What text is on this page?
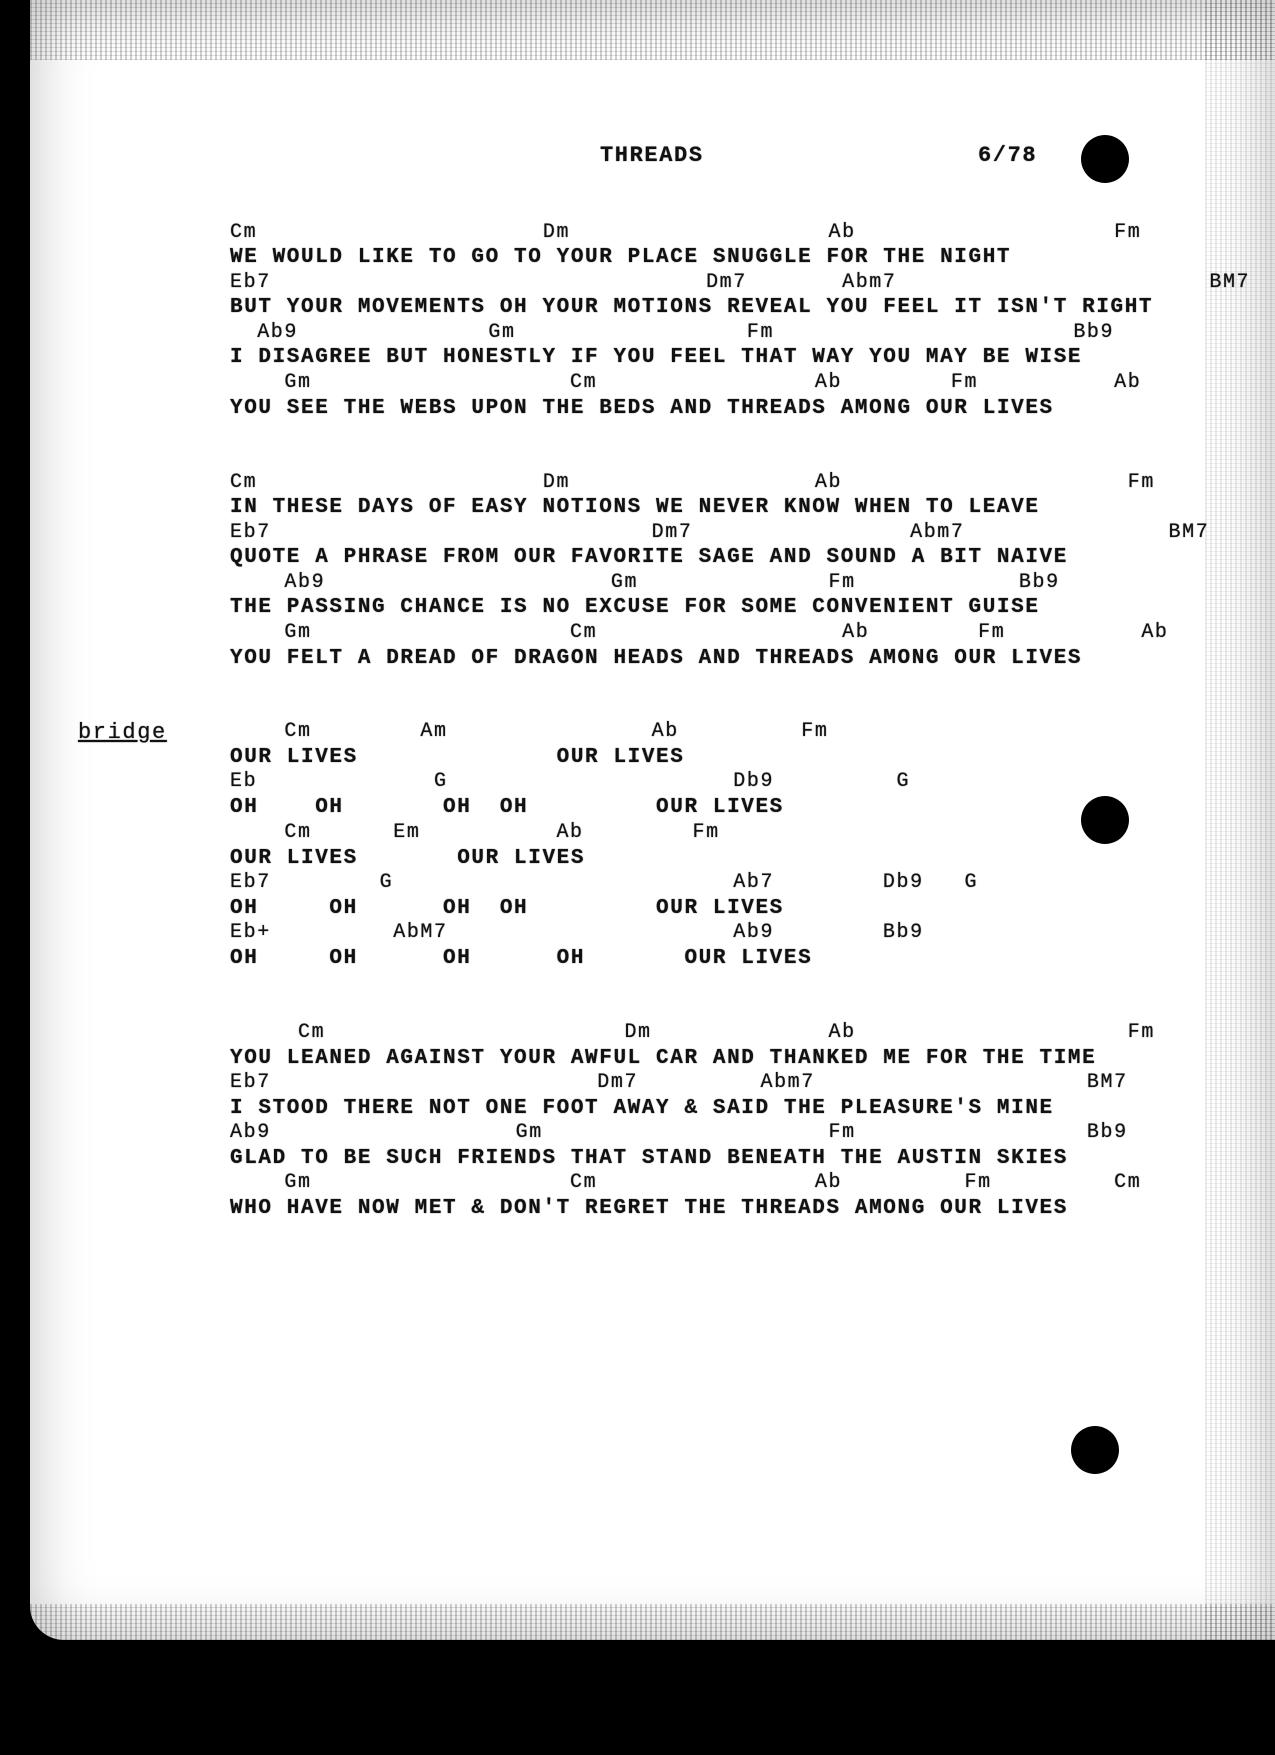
THREADS	6/78

bridge

Cm                     Dm                   Ab                   Fm

WE WOULD LIKE TO GO TO YOUR PLACE SNUGGLE FOR THE NIGHT

Eb7                                Dm7       Abm7                       BM7

BUT YOUR MOVEMENTS OH YOUR MOTIONS REVEAL YOU FEEL IT ISN'T RIGHT

Ab9              Gm                 Fm                      Bb9

I DISAGREE BUT HONESTLY IF YOU FEEL THAT WAY YOU MAY BE WISE

Gm                   Cm                Ab        Fm          Ab

YOU SEE THE WEBS UPON THE BEDS AND THREADS AMONG OUR LIVES

Cm                     Dm                  Ab                     Fm

IN THESE DAYS OF EASY NOTIONS WE NEVER KNOW WHEN TO LEAVE

Eb7                            Dm7                Abm7               BM7

QUOTE A PHRASE FROM OUR FAVORITE SAGE AND SOUND A BIT NAIVE

Ab9                     Gm              Fm            Bb9

THE PASSING CHANCE IS NO EXCUSE FOR SOME CONVENIENT GUISE

Gm                   Cm                  Ab        Fm          Ab

YOU FELT A DREAD OF DRAGON HEADS AND THREADS AMONG OUR LIVES

Cm        Am               Ab         Fm

OUR LIVES              OUR LIVES

Eb             G                     Db9         G

OH    OH       OH  OH         OUR LIVES

Cm      Em          Ab        Fm

OUR LIVES       OUR LIVES

Eb7        G                         Ab7        Db9   G

OH     OH      OH  OH         OUR LIVES

Eb+         AbM7                     Ab9        Bb9

OH     OH      OH      OH       OUR LIVES

Cm                      Dm             Ab                    Fm

YOU LEANED AGAINST YOUR AWFUL CAR AND THANKED ME FOR THE TIME

Eb7                        Dm7         Abm7                    BM7

I STOOD THERE NOT ONE FOOT AWAY & SAID THE PLEASURE'S MINE

Ab9                  Gm                     Fm                 Bb9

GLAD TO BE SUCH FRIENDS THAT STAND BENEATH THE AUSTIN SKIES

Gm                   Cm                Ab         Fm         Cm

WHO HAVE NOW MET & DON'T REGRET THE THREADS AMONG OUR LIVES
